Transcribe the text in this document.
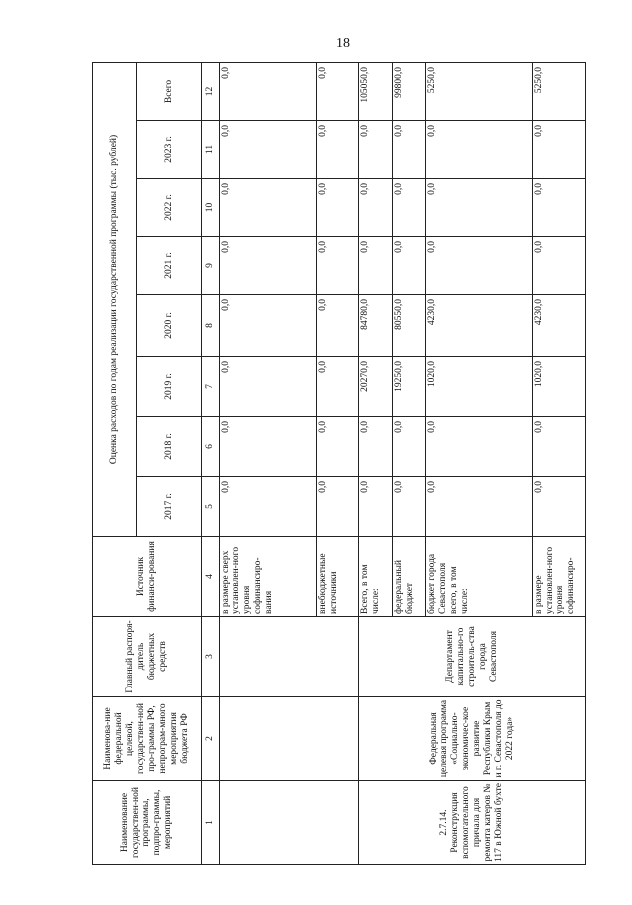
18
Наименование государствен-ной программы, подпро-граммы, мероприятий	Наименова-ние федеральной целевой, государствен-ной про-граммы РФ, непрограм-много мероприятия бюджета РФ	Главный распоря-дитель бюджетных средств	Источник финанси-рования	Оценка расходов по годам реализации государственной программы (тыс. рублей)							
				2017 г.	2018 г.	2019 г.	2020 г.	2021 г.	2022 г.	2023 г.	Всего
1	2	3	4	5	6	7	8	9	10	11	12
			в размере сверх установлен-ного уровня софинансиро-вания	0,0	0,0	0,0	0,0	0,0	0,0	0,0	0,0
			внебюджетные источники	0,0	0,0	0,0	0,0	0,0	0,0	0,0	0,0
2.7.14. Реконструкция вспомогательного причала для ремонта катеров № 117 в Южной бухте	Федеральная целевая программа «Социально-экономичес-кое развитие Республики Крым и г. Севастополя до 2022 года»	Департамент капитально-го строитель-ства города Севастополя	Всего, в том числе:	0,0	0,0	20270,0	84780,0	0,0	0,0	0,0	105050,0
			федеральный бюджет	0,0	0,0	19250,0	80550,0	0,0	0,0	0,0	99800,0
			бюджет города Севастополя всего, в том числе:	0,0	0,0	1020,0	4230,0	0,0	0,0	0,0	5250,0
			в размере установлен-ного уровня софинансиро-	0,0	0,0	1020,0	4230,0	0,0	0,0	0,0	5250,0
